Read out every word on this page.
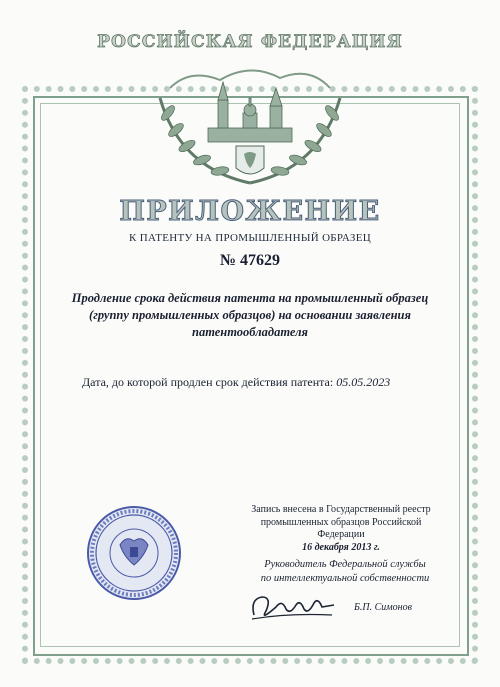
РОССИЙСКАЯ ФЕДЕРАЦИЯ
ПРИЛОЖЕНИЕ
К ПАТЕНТУ НА ПРОМЫШЛЕННЫЙ ОБРАЗЕЦ
№ 47629
Продление срока действия патента на промышленный образец
(группу промышленных образцов) на основании заявления
патентообладателя
Дата, до которой продлен срок действия патента: 05.05.2023
Запись внесена в Государственный реестр
промышленных образцов Российской Федерации
16 декабря 2013 г.
Руководитель Федеральной службы
по интеллектуальной собственности
Б.П. Симонов
